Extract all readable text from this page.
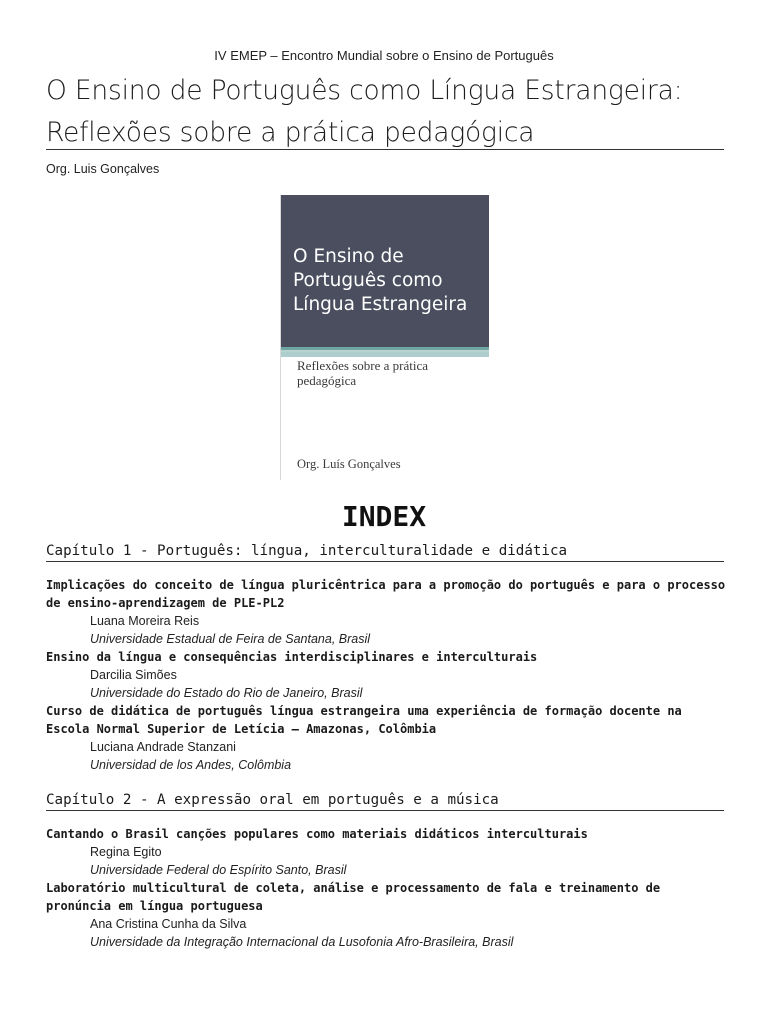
IV EMEP – Encontro Mundial sobre o Ensino de Português
O Ensino de Português como Língua Estrangeira: Reflexões sobre a prática pedagógica
Org. Luis Gonçalves
O Ensino de Português como Língua Estrangeira
Reflexões sobre a prática pedagógica
Org. Luís Gonçalves
INDEX
Capítulo 1 - Português: língua, interculturalidade e didática
Implicações do conceito de língua pluricêntrica para a promoção do português e para o processo de ensino-aprendizagem de PLE-PL2
Luana Moreira Reis
Universidade Estadual de Feira de Santana, Brasil
Ensino da língua e consequências interdisciplinares e interculturais
Darcilia Simões
Universidade do Estado do Rio de Janeiro, Brasil
Curso de didática de português língua estrangeira uma experiência de formação docente na Escola Normal Superior de Letícia – Amazonas, Colômbia
Luciana Andrade Stanzani
Universidad de los Andes, Colômbia
Capítulo 2 - A expressão oral em português e a música
Cantando o Brasil canções populares como materiais didáticos interculturais
Regina Egito
Universidade Federal do Espírito Santo, Brasil
Laboratório multicultural de coleta, análise e processamento de fala e treinamento de pronúncia em língua portuguesa
Ana Cristina Cunha da Silva
Universidade da Integração Internacional da Lusofonia Afro-Brasileira, Brasil
